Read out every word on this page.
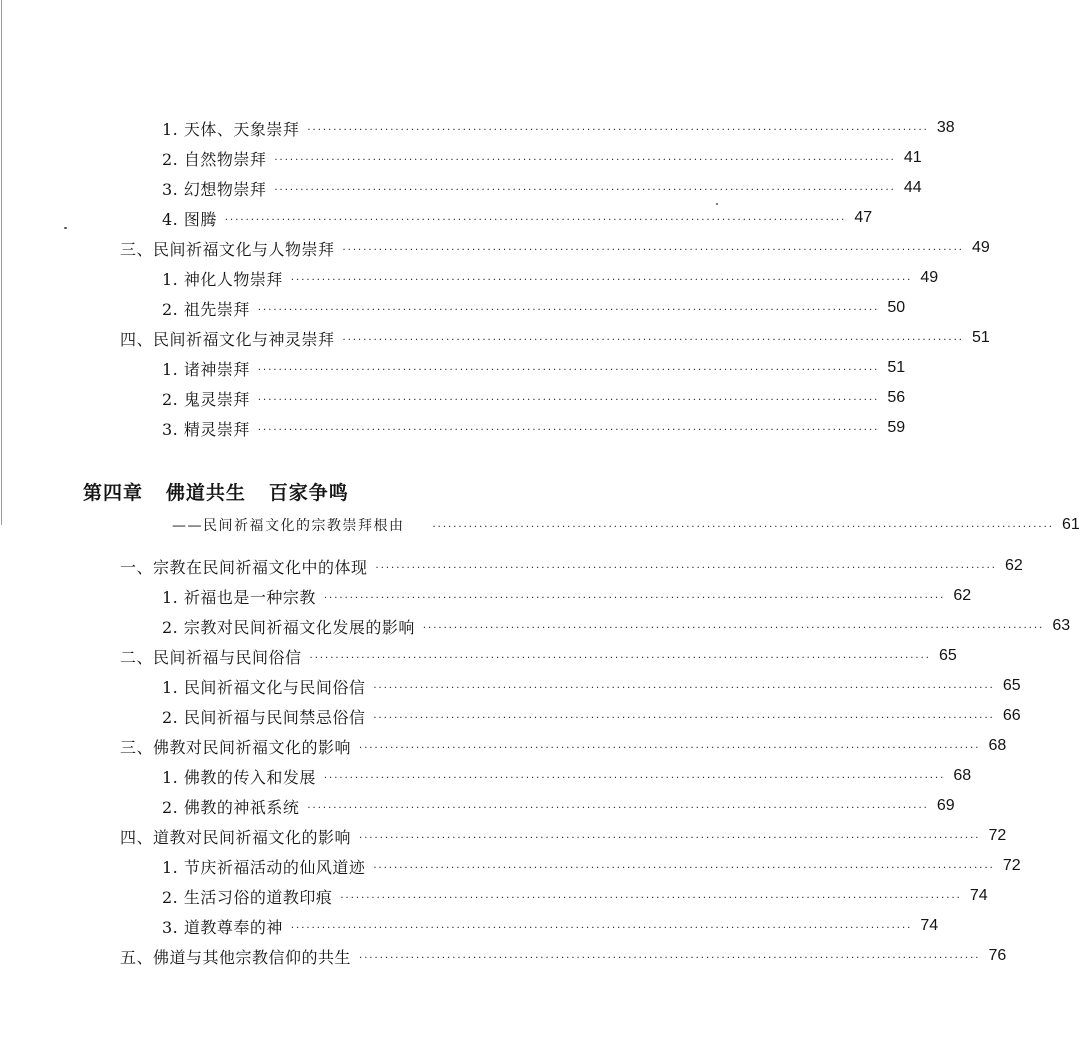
1. 天体、天象崇拜 ························································································································ 38
2. 自然物崇拜 ························································································································ 41
3. 幻想物崇拜 ························································································································ 44
4. 图腾 ························································································································ 47
三、民间祈福文化与人物崇拜 ························································································································ 49
1. 神化人物崇拜 ························································································································ 49
2. 祖先崇拜 ························································································································ 50
四、民间祈福文化与神灵崇拜 ························································································································ 51
1. 诸神崇拜 ························································································································ 51
2. 鬼灵崇拜 ························································································································ 56
3. 精灵崇拜 ························································································································ 59
第四章   佛道共生   百家争鸣
——民间祈福文化的宗教崇拜根由	························································································································ 61
一、宗教在民间祈福文化中的体现 ························································································································ 62
1. 祈福也是一种宗教 ························································································································ 62
2. 宗教对民间祈福文化发展的影响 ························································································································ 63
二、民间祈福与民间俗信 ························································································································ 65
1. 民间祈福文化与民间俗信 ························································································································ 65
2. 民间祈福与民间禁忌俗信 ························································································································ 66
三、佛教对民间祈福文化的影响 ························································································································ 68
1. 佛教的传入和发展 ························································································································ 68
2. 佛教的神祇系统 ························································································································ 69
四、道教对民间祈福文化的影响 ························································································································ 72
1. 节庆祈福活动的仙风道迹 ························································································································ 72
2. 生活习俗的道教印痕 ························································································································ 74
3. 道教尊奉的神 ························································································································ 74
五、佛道与其他宗教信仰的共生 ························································································································ 76
